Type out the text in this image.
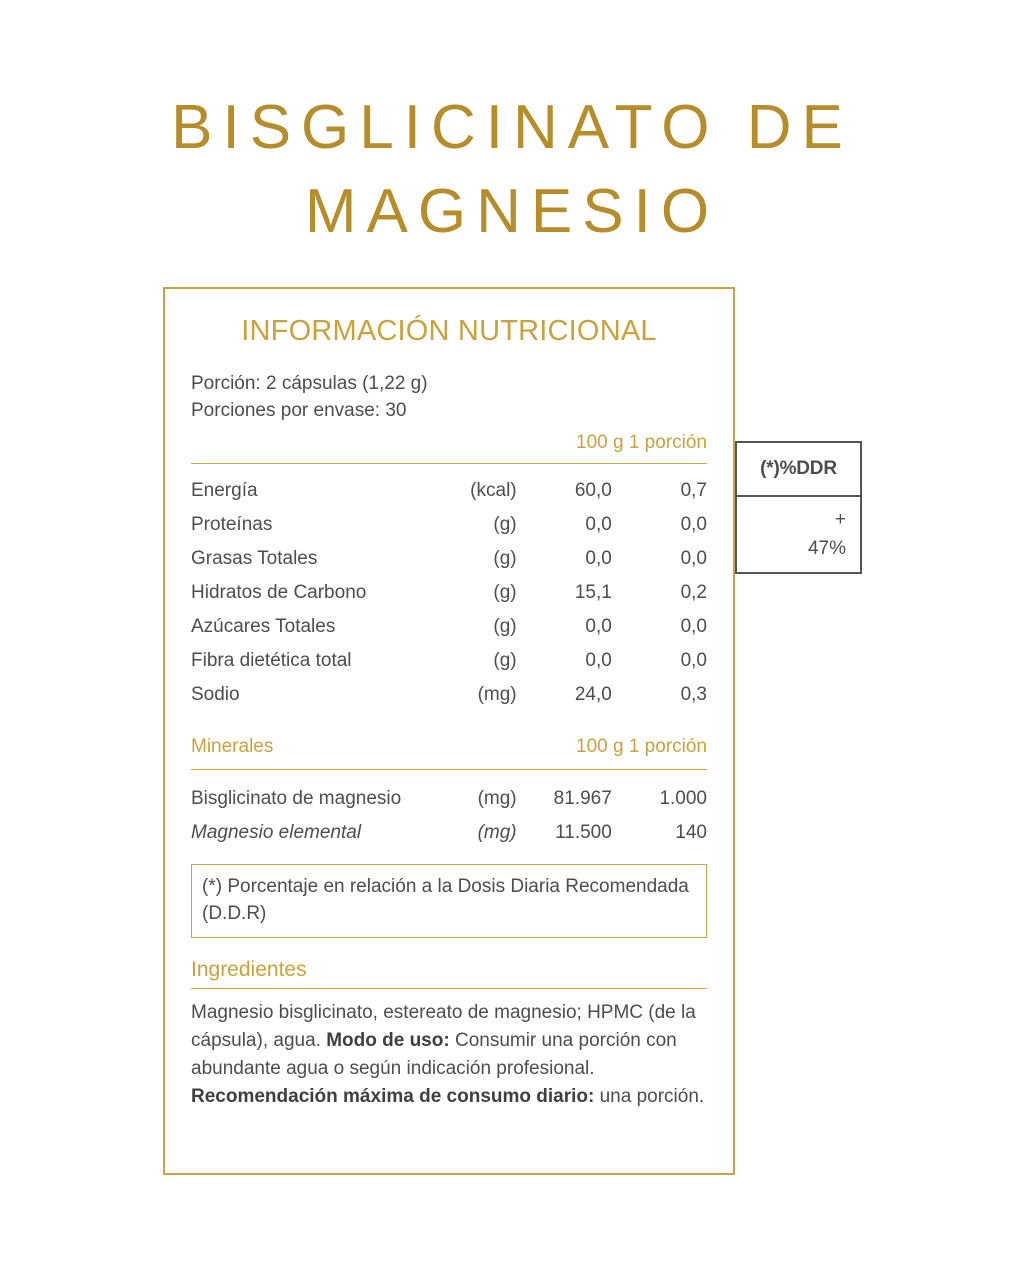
BISGLICINATO DE
MAGNESIO
INFORMACIÓN NUTRICIONAL
Porción: 2 cápsulas (1,22 g)
Porciones por envase: 30
		100 g 1 porción
Energía	(kcal)	60,0	0,7
Proteínas	(g)	0,0	0,0
Grasas Totales	(g)	0,0	0,0
Hidratos de Carbono	(g)	15,1	0,2
Azúcares Totales	(g)	0,0	0,0
Fibra dietética total	(g)	0,0	0,0
Sodio	(mg)	24,0	0,3
Minerales		100 g 1 porción
Bisglicinato de magnesio	(mg)	81.967	1.000
Magnesio elemental	(mg)	11.500	140
(*) Porcentaje en relación a la Dosis Diaria Recomendada (D.D.R)
Ingredientes
Magnesio bisglicinato, estereato de magnesio; HPMC (de la cápsula), agua. Modo de uso: Consumir una porción con abundante agua o según indicación profesional. Recomendación máxima de consumo diario: una porción.
(*)%DDR
+
47%
